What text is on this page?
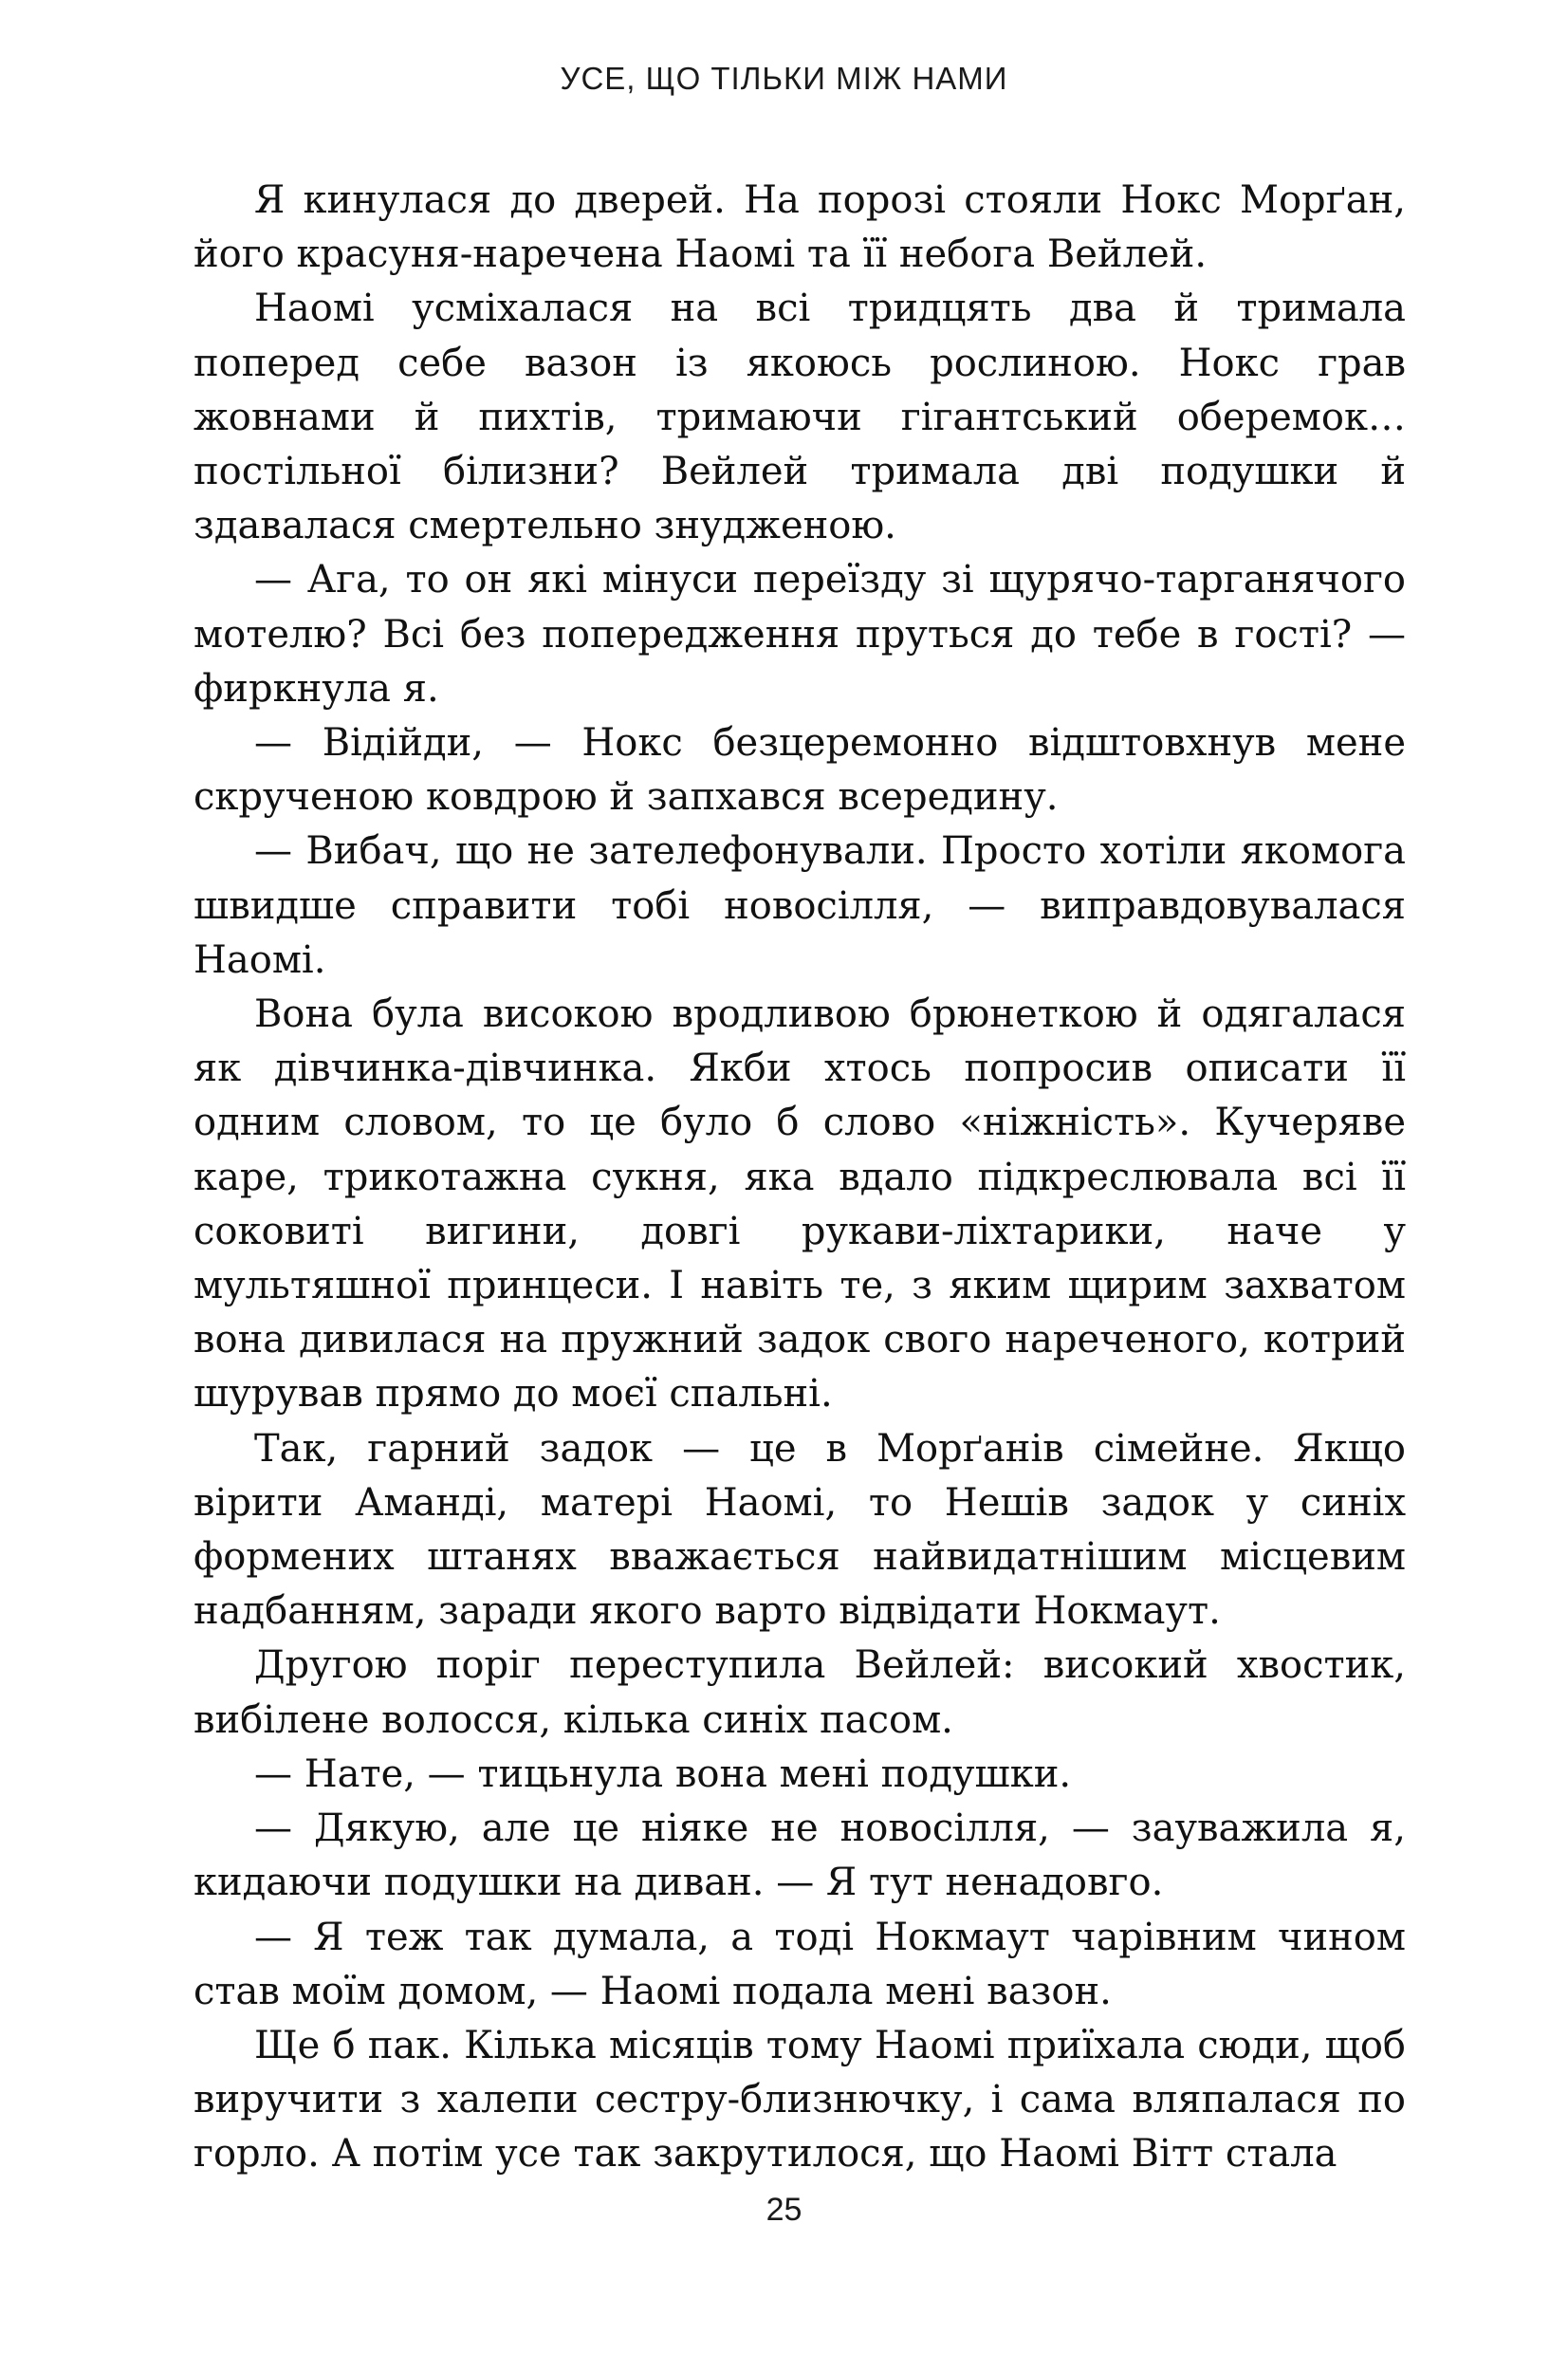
УСЕ, ЩО ТІЛЬКИ МІЖ НАМИ

Я кинулася до дверей. На порозі стояли Нокс Морґан, його красуня-наречена Наомі та її небога Вейлей.

Наомі усміхалася на всі тридцять два й тримала поперед себе вазон із якоюсь рослиною. Нокс грав жовнами й пихтів, тримаючи гігантський оберемок… постільної білизни? Вейлей тримала дві подушки й здавалася смертельно знудженою.

— Ага, то он які мінуси переїзду зі щурячо-тарганячого мотелю? Всі без попередження пруться до тебе в гості? — фиркнула я.

— Відійди, — Нокс безцеремонно відштовхнув мене скрученою ковдрою й запхався всередину.

— Вибач, що не зателефонували. Просто хотіли якомога швидше справити тобі новосілля, — виправдовувалася Наомі.

Вона була високою вродливою брюнеткою й одягалася як дівчинка-дівчинка. Якби хтось попросив описати її одним словом, то це було б слово «ніжність». Кучеряве каре, трикотажна сукня, яка вдало підкреслювала всі її соковиті вигини, довгі рукави-ліхтарики, наче у мультяшної принцеси. І навіть те, з яким щирим захватом вона дивилася на пружний задок свого нареченого, котрий шурував прямо до моєї спальні.

Так, гарний задок — це в Морґанів сімейне. Якщо вірити Аманді, матері Наомі, то Нешів задок у синіх формених штанях вважається найвидатнішим місцевим надбанням, заради якого варто відвідати Нокмаут.

Другою поріг переступила Вейлей: високий хвостик, вибілене волосся, кілька синіх пасом.

— Нате, — тицьнула вона мені подушки.

— Дякую, але це ніяке не новосілля, — зауважила я, кидаючи подушки на диван. — Я тут ненадовго.

— Я теж так думала, а тоді Нокмаут чарівним чином став моїм домом, — Наомі подала мені вазон.

Ще б пак. Кілька місяців тому Наомі приїхала сюди, щоб виручити з халепи сестру-близнючку, і сама вляпалася по горло. А потім усе так закрутилося, що Наомі Вітт стала

25
